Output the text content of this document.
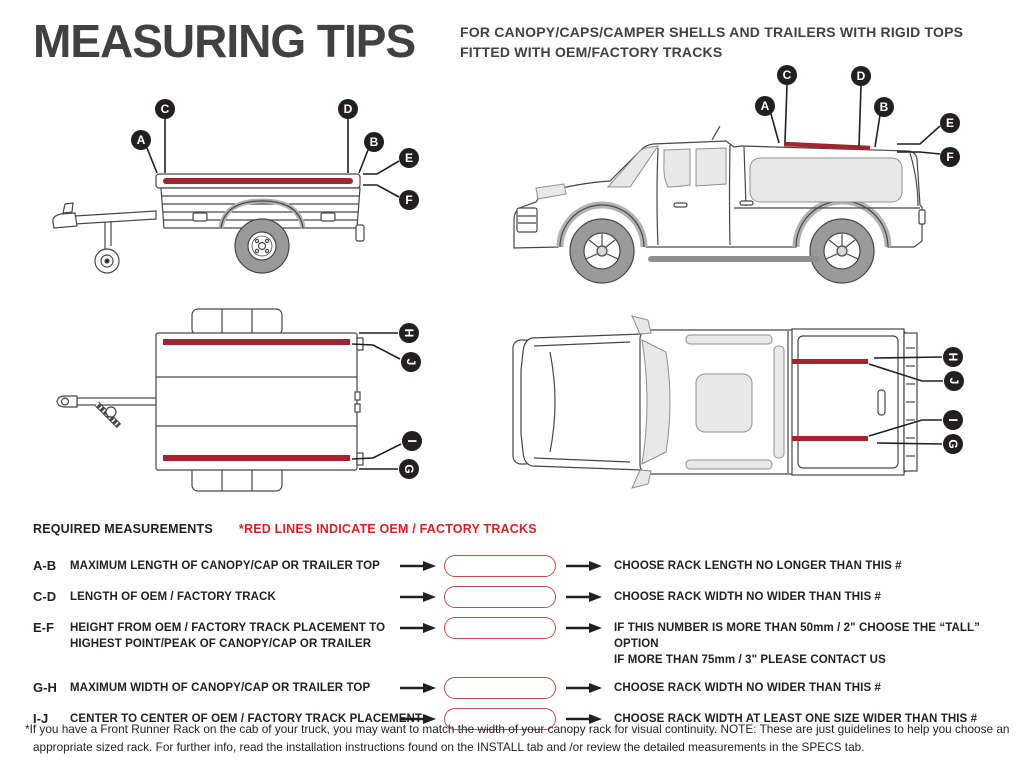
MEASURING TIPS	FOR CANOPY/CAPS/CAMPER SHELLS AND TRAILERS WITH RIGID TOPS
FITTED WITH OEM/FACTORY TRACKS
A
C	D
B
E
F
A
C	D
B
E
F
H
J
I
G
H
J
I
G
REQUIRED MEASUREMENTS *RED LINES INDICATE OEM / FACTORY TRACKS
A-B	MAXIMUM LENGTH OF CANOPY/CAP OR TRAILER TOP	CHOOSE RACK LENGTH NO LONGER THAN THIS #
C-D	LENGTH OF OEM / FACTORY TRACK	CHOOSE RACK WIDTH NO WIDER THAN THIS #
E-F	HEIGHT FROM OEM / FACTORY TRACK PLACEMENT TO HIGHEST POINT/PEAK OF CANOPY/CAP OR TRAILER
IF THIS NUMBER IS MORE THAN 50mm / 2" CHOOSE THE “TALL” OPTION
IF MORE THAN 75mm / 3" PLEASE CONTACT US
G-H	MAXIMUM WIDTH OF CANOPY/CAP OR TRAILER TOP	CHOOSE RACK WIDTH NO WIDER THAN THIS #
I-J	CENTER TO CENTER OF OEM / FACTORY TRACK PLACEMENT	CHOOSE RACK WIDTH AT LEAST ONE SIZE WIDER THAN THIS #
*If you have a Front Runner Rack on the cab of your truck, you may want to match the width of your canopy rack for visual continuity. NOTE: These are just guidelines to help you choose an appropriate sized rack. For further info, read the installation instructions found on the INSTALL tab and /or review the detailed measurements in the SPECS tab.
